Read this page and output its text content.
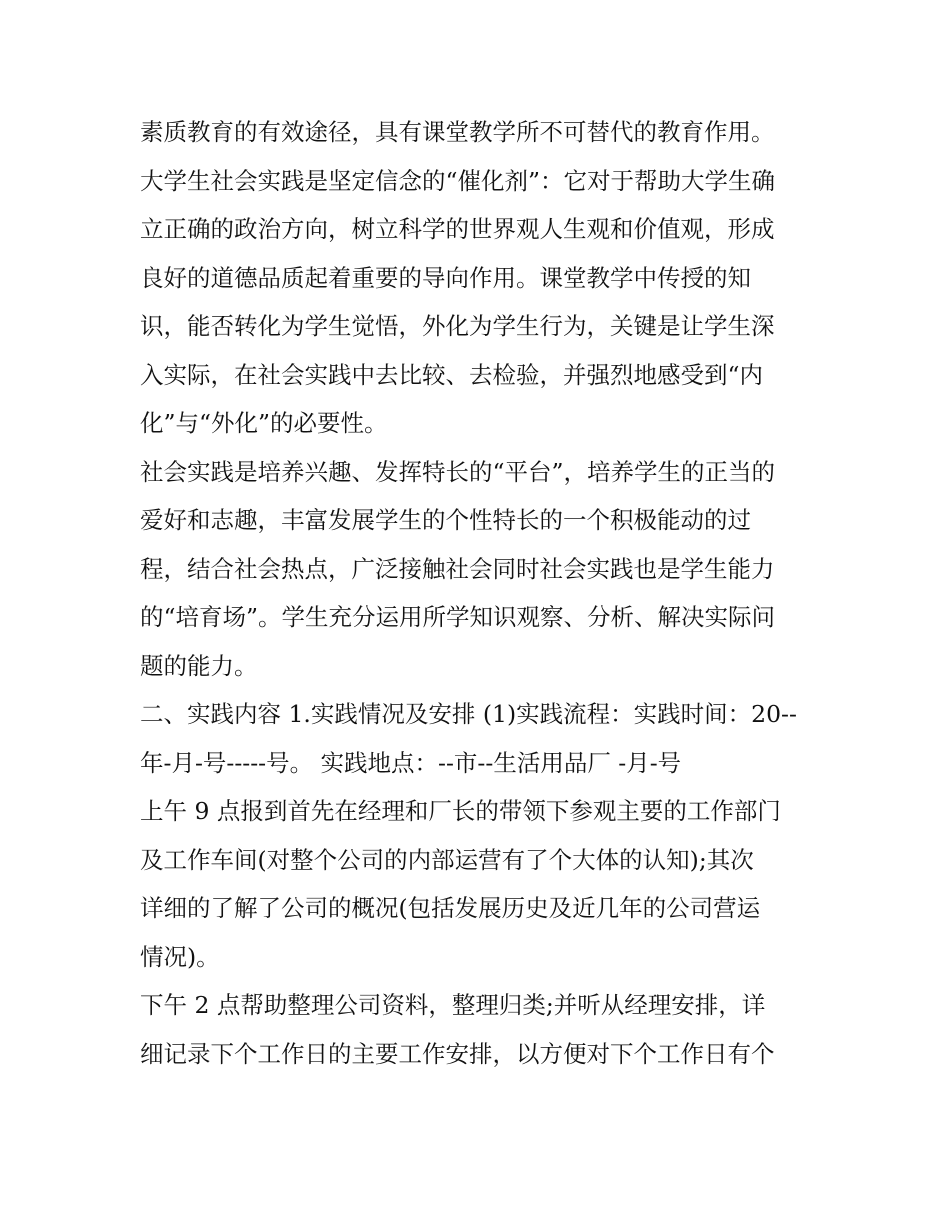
素质教育的有效途径，具有课堂教学所不可替代的教育作用。
大学生社会实践是坚定信念的“催化剂”：它对于帮助大学生确
立正确的政治方向，树立科学的世界观人生观和价值观，形成
良好的道德品质起着重要的导向作用。课堂教学中传授的知
识，能否转化为学生觉悟，外化为学生行为，关键是让学生深
入实际，在社会实践中去比较、去检验，并强烈地感受到“内
化”与“外化”的必要性。
社会实践是培养兴趣、发挥特长的“平台”，培养学生的正当的
爱好和志趣，丰富发展学生的个性特长的一个积极能动的过
程，结合社会热点，广泛接触社会同时社会实践也是学生能力
的“培育场”。学生充分运用所学知识观察、分析、解决实际问
题的能力。
二、实践内容 1.实践情况及安排 (1)实践流程：实践时间：20--
年-月-号-----号。 实践地点：--市--生活用品厂 -月-号
上午 9 点报到首先在经理和厂长的带领下参观主要的工作部门
及工作车间(对整个公司的内部运营有了个大体的认知);其次
详细的了解了公司的概况(包括发展历史及近几年的公司营运
情况)。
下午 2 点帮助整理公司资料，整理归类;并听从经理安排，详
细记录下个工作日的主要工作安排，以方便对下个工作日有个
